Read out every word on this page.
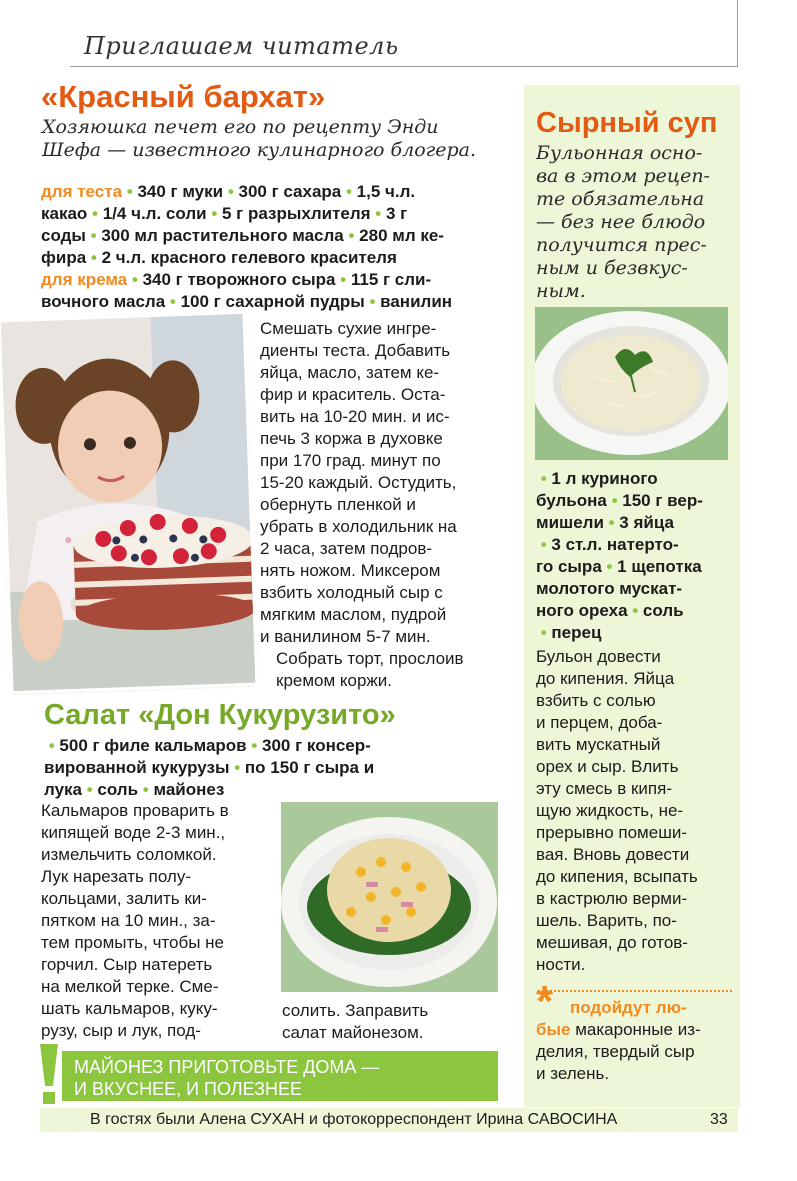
Приглашаем читатель
«Красный бархат»
Хозяюшка печет его по рецепту Энди
Шефа — известного кулинарного блогера.
для теста • 340 г муки • 300 г сахара • 1,5 ч.л.
какао • 1/4 ч.л. соли • 5 г разрыхлителя • 3 г
соды • 300 мл растительного масла • 280 мл ке-
фира • 2 ч.л. красного гелевого красителя
для крема • 340 г творожного сыра • 115 г сли-
вочного масла • 100 г сахарной пудры • ванилин
Смешать сухие ингре-
диенты теста. Добавить
яйца, масло, затем ке-
фир и краситель. Оста-
вить на 10-20 мин. и ис-
печь 3 коржа в духовке
при 170 град. минут по
15-20 каждый. Остудить,
обернуть пленкой и
убрать в холодильник на
2 часа, затем подров-
нять ножом. Миксером
взбить холодный сыр с
мягким маслом, пудрой
и ванилином 5-7 мин.
Собрать торт, прослоив
кремом коржи.
Салат «Дон Кукурузито»
• 500 г филе кальмаров • 300 г консер-
вированной кукурузы • по 150 г сыра и
лука • соль • майонез
Кальмаров проварить в
кипящей воде 2-3 мин.,
измельчить соломкой.
Лук нарезать полу-
кольцами, залить ки-
пятком на 10 мин., за-
тем промыть, чтобы не
горчил. Сыр натереть
на мелкой терке. Сме-
шать кальмаров, куку-
рузу, сыр и лук, под-
солить. Заправить
салат майонезом.
МАЙОНЕЗ ПРИГОТОВЬТЕ ДОМА —
И ВКУСНЕЕ, И ПОЛЕЗНЕЕ
Сырный суп
Бульонная осно-
ва в этом рецеп-
те обязательна
— без нее блюдо
получится прес-
ным и безвкус-
ным.
• 1 л куриного
бульона • 150 г вер-
мишели • 3 яйца
• 3 ст.л. натерто-
го сыра • 1 щепотка
молотого мускат-
ного ореха • соль
• перец
Бульон довести
до кипения. Яйца
взбить с солью
и перцем, доба-
вить мускатный
орех и сыр. Влить
эту смесь в кипя-
щую жидкость, не-
прерывно помеши-
вая. Вновь довести
до кипения, всыпать
в кастрюлю верми-
шель. Варить, по-
мешивая, до готов-
ности.
* подойдут лю-
бые макаронные из-
делия, твердый сыр
и зелень.
В гостях были Алена СУХАН и фотокорреспондент Ирина САВОСИНА	33
